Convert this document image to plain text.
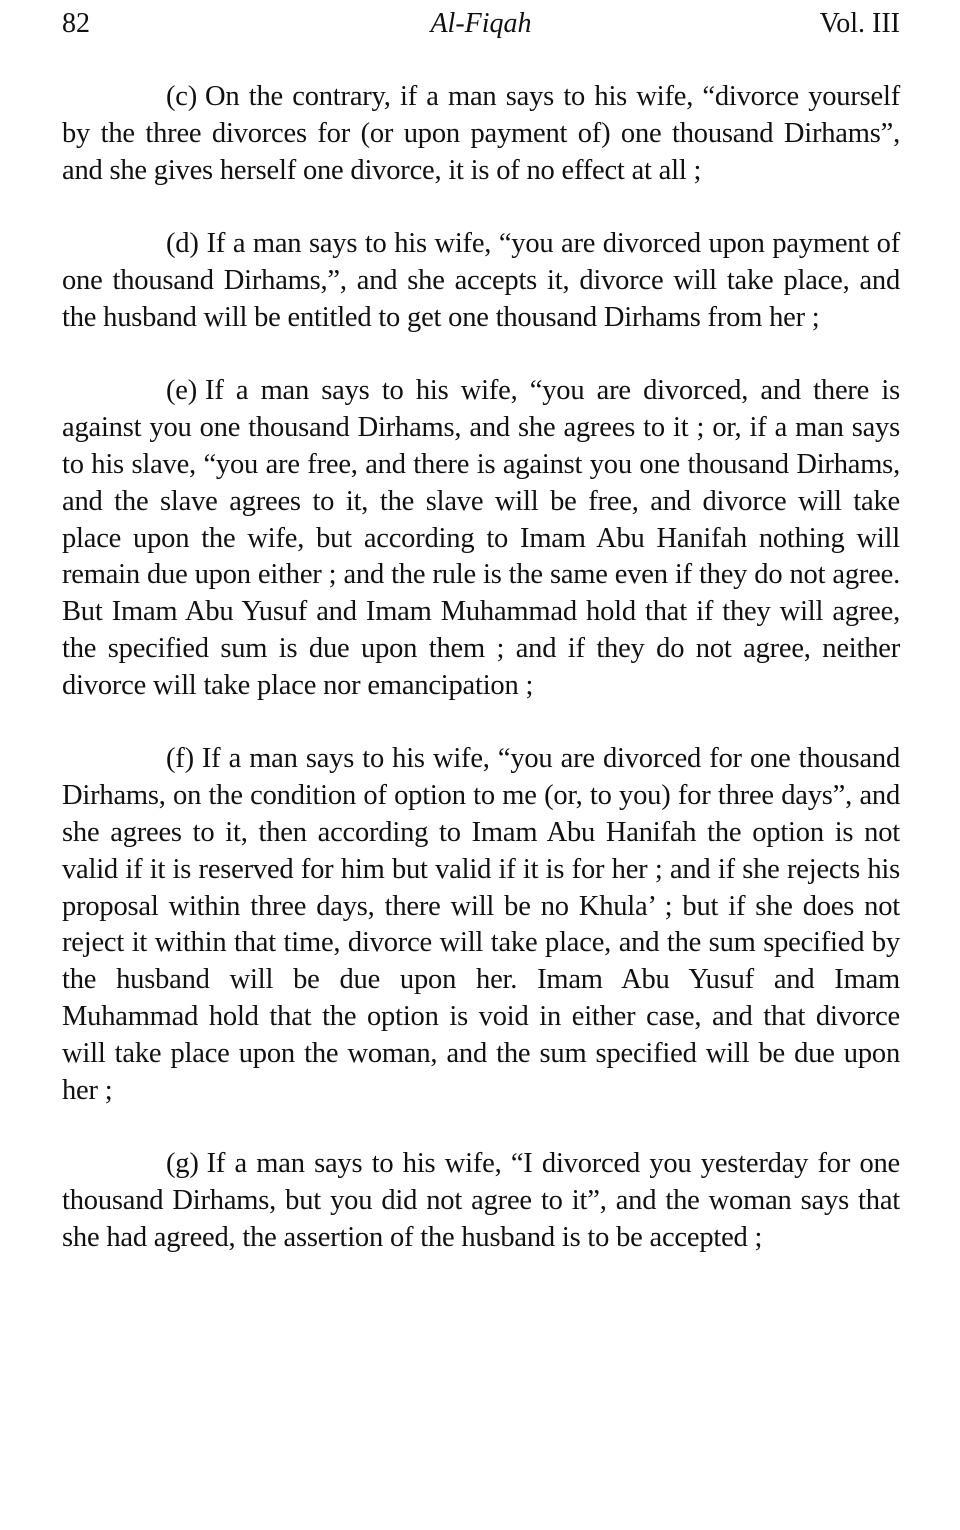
82	Al-Fiqah	Vol. III

(c) On the contrary, if a man says to his wife, “divorce yourself by the three divorces for (or upon payment of) one thousand Dirhams”, and she gives herself one divorce, it is of no effect at all ;

(d) If a man says to his wife, “you are divorced upon payment of one thousand Dirhams,”, and she accepts it, divorce will take place, and the husband will be entitled to get one thousand Dirhams from her ;

(e) If a man says to his wife, “you are divorced, and there is against you one thousand Dirhams, and she agrees to it ; or, if a man says to his slave, “you are free, and there is against you one thousand Dirhams, and the slave agrees to it, the slave will be free, and divorce will take place upon the wife, but according to Imam Abu Hanifah nothing will remain due upon either ; and the rule is the same even if they do not agree. But Imam Abu Yusuf and Imam Muhammad hold that if they will agree, the specified sum is due upon them ; and if they do not agree, neither divorce will take place nor emancipation ;

(f) If a man says to his wife, “you are divorced for one thousand Dirhams, on the condition of option to me (or, to you) for three days”, and she agrees to it, then according to Imam Abu Hanifah the option is not valid if it is reserved for him but valid if it is for her ; and if she rejects his proposal within three days, there will be no Khula’ ; but if she does not reject it within that time, divorce will take place, and the sum specified by the husband will be due upon her. Imam Abu Yusuf and Imam Muhammad hold that the option is void in either case, and that divorce will take place upon the woman, and the sum specified will be due upon her ;

(g) If a man says to his wife, “I divorced you yesterday for one thousand Dirhams, but you did not agree to it”, and the woman says that she had agreed, the assertion of the husband is to be accepted ;
